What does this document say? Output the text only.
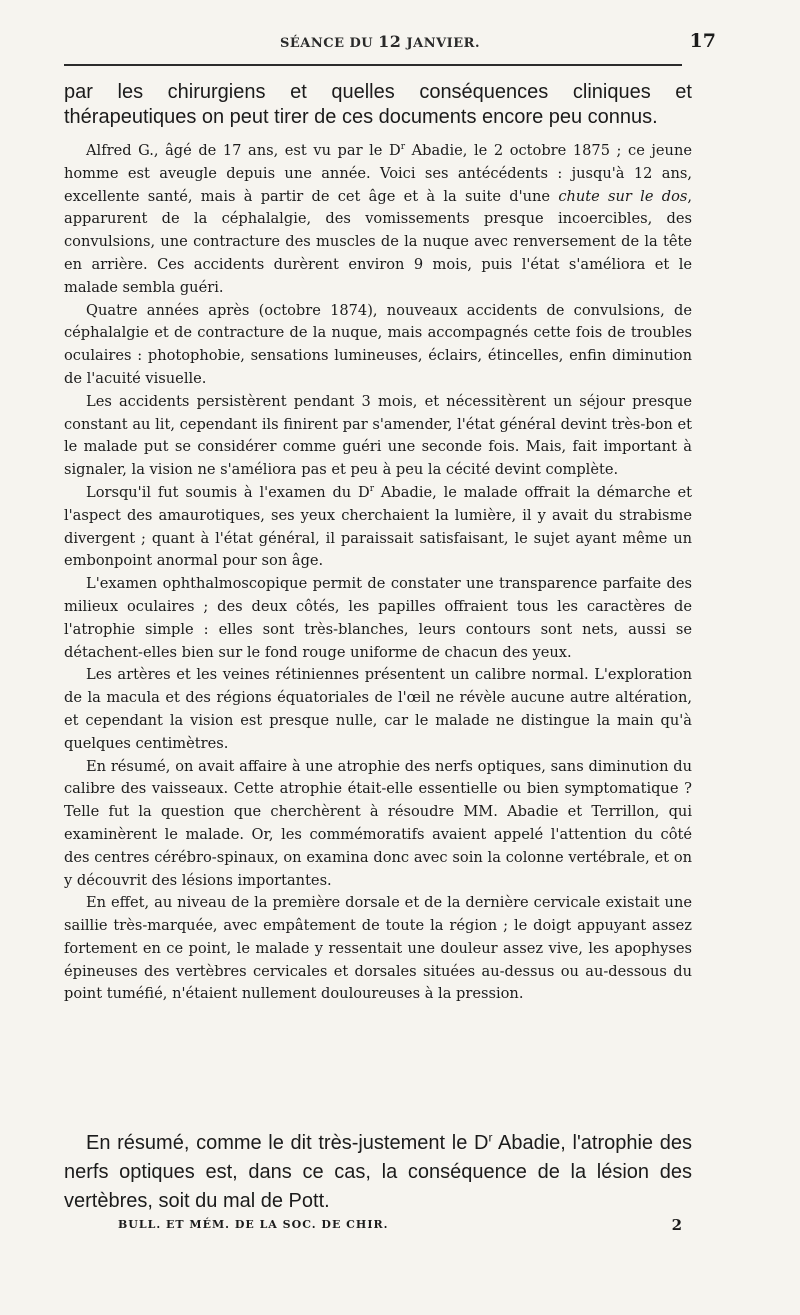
SÉANCE DU 12 JANVIER.	17

par les chirurgiens et quelles conséquences cliniques et thérapeutiques on peut tirer de ces documents encore peu connus.

Alfred G., âgé de 17 ans, est vu par le $D^r$ Abadie, le 2 octobre 1875 ; ce jeune homme est aveugle depuis une année. Voici ses antécédents : jusqu'à 12 ans, excellente santé, mais à partir de cet âge et à la suite d'une chute sur le dos, apparurent de la céphalalgie, des vomissements presque incoercibles, des convulsions, une contracture des muscles de la nuque avec renversement de la tête en arrière. Ces accidents durèrent environ 9 mois, puis l'état s'améliora et le malade sembla guéri.

Quatre années après (octobre 1874), nouveaux accidents de convulsions, de céphalalgie et de contracture de la nuque, mais accompagnés cette fois de troubles oculaires : photophobie, sensations lumineuses, éclairs, étincelles, enfin diminution de l'acuité visuelle.

Les accidents persistèrent pendant 3 mois, et nécessitèrent un séjour presque constant au lit, cependant ils finirent par s'amender, l'état général devint très-bon et le malade put se considérer comme guéri une seconde fois. Mais, fait important à signaler, la vision ne s'améliora pas et peu à peu la cécité devint complète.

Lorsqu'il fut soumis à l'examen du $D^r$ Abadie, le malade offrait la démarche et l'aspect des amaurotiques, ses yeux cherchaient la lumière, il y avait du strabisme divergent ; quant à l'état général, il paraissait satisfaisant, le sujet ayant même un embonpoint anormal pour son âge.

L'examen ophthalmoscopique permit de constater une transparence parfaite des milieux oculaires ; des deux côtés, les papilles offraient tous les caractères de l'atrophie simple : elles sont très-blanches, leurs contours sont nets, aussi se détachent-elles bien sur le fond rouge uniforme de chacun des yeux.

Les artères et les veines rétiniennes présentent un calibre normal. L'exploration de la macula et des régions équatoriales de l'œil ne révèle aucune autre altération, et cependant la vision est presque nulle, car le malade ne distingue la main qu'à quelques centimètres.

En résumé, on avait affaire à une atrophie des nerfs optiques, sans diminution du calibre des vaisseaux. Cette atrophie était-elle essentielle ou bien symptomatique ? Telle fut la question que cherchèrent à résoudre MM. Abadie et Terrillon, qui examinèrent le malade. Or, les commémoratifs avaient appelé l'attention du côté des centres cérébro-spinaux, on examina donc avec soin la colonne vertébrale, et on y découvrit des lésions importantes.

En effet, au niveau de la première dorsale et de la dernière cervicale existait une saillie très-marquée, avec empâtement de toute la région ; le doigt appuyant assez fortement en ce point, le malade y ressentait une douleur assez vive, les apophyses épineuses des vertèbres cervicales et dorsales situées au-dessus ou au-dessous du point tuméfié, n'étaient nullement douloureuses à la pression.

En résumé, comme le dit très-justement le $D^r$ Abadie, l'atrophie des nerfs optiques est, dans ce cas, la conséquence de la lésion des vertèbres, soit du mal de Pott.

BULL. ET MÉM. DE LA SOC. DE CHIR.	2
